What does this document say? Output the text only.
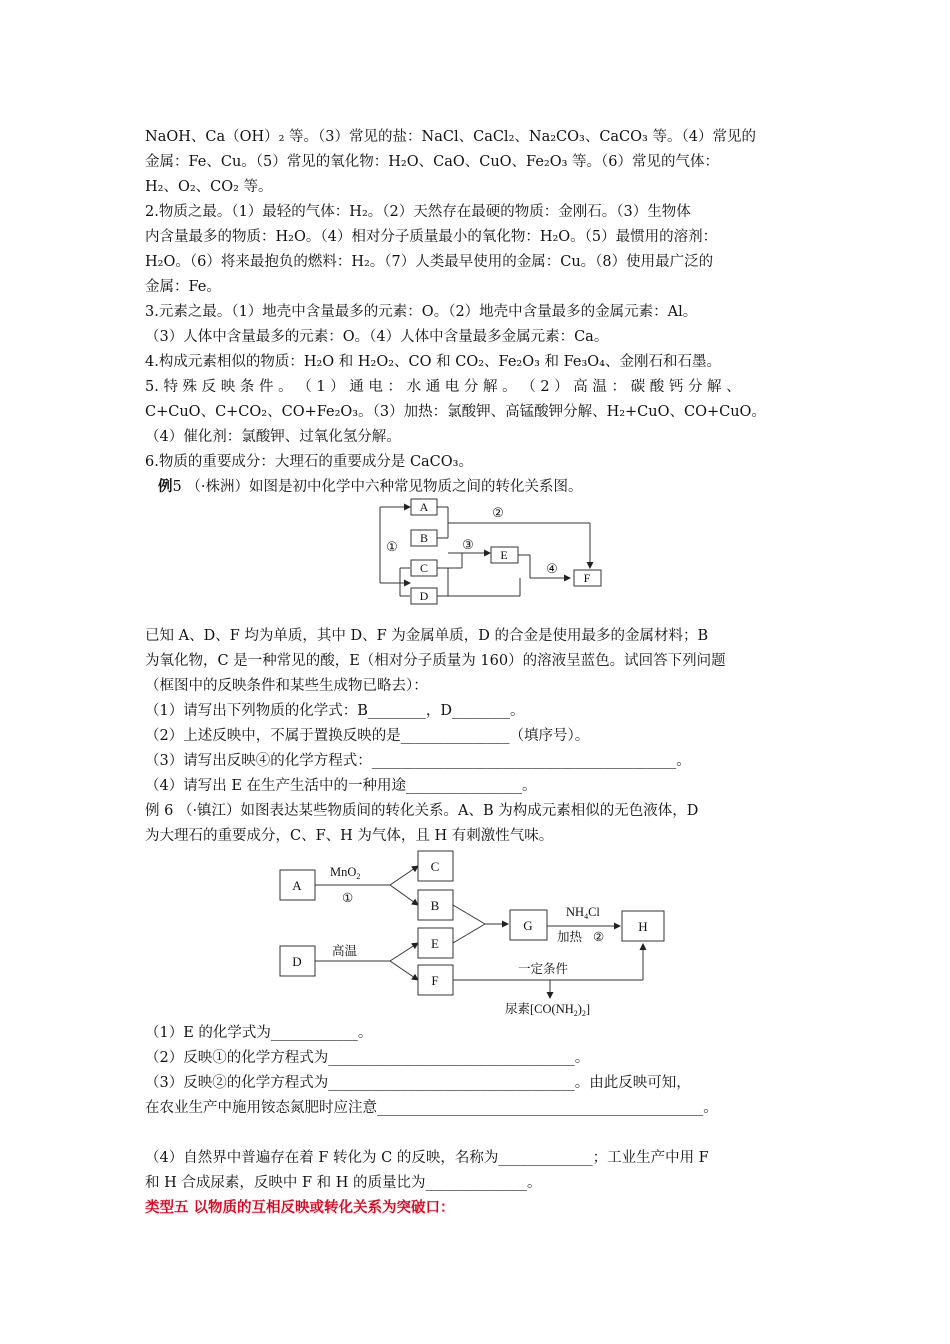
NaOH、Ca（OH）₂ 等。（3）常见的盐：NaCl、CaCl₂、Na₂CO₃、CaCO₃ 等。（4）常见的
金属：Fe、Cu。（5）常见的氧化物：H₂O、CaO、CuO、Fe₂O₃ 等。（6）常见的气体：
H₂、O₂、CO₂ 等。
2.物质之最。（1）最轻的气体：H₂。（2）天然存在最硬的物质：金刚石。（3）生物体
内含量最多的物质：H₂O。（4）相对分子质量最小的氧化物：H₂O。（5）最惯用的溶剂：
H₂O。（6）将来最抱负的燃料：H₂。（7）人类最早使用的金属：Cu。（8）使用最广泛的
金属：Fe。
3.元素之最。（1）地壳中含量最多的元素：O。（2）地壳中含量最多的金属元素：Al。
（3）人体中含量最多的元素：O。（4）人体中含量最多金属元素：Ca。
4.构成元素相似的物质：H₂O 和 H₂O₂、CO 和 CO₂、Fe₂O₃ 和 Fe₃O₄、金刚石和石墨。
5. 特 殊 反 映 条 件 。 （ 1 ） 通 电 ： 水 通 电 分 解 。 （ 2 ） 高 温 ： 碳 酸 钙 分 解 、
C+CuO、C+CO₂、CO+Fe₂O₃。（3）加热：氯酸钾、高锰酸钾分解、H₂+CuO、CO+CuO。
（4）催化剂：氯酸钾、过氧化氢分解。
6.物质的重要成分：大理石的重要成分是 CaCO₃。
例5 （·株洲）如图是初中化学中六种常见物质之间的转化关系图。
A
B
C
D
E
F
①
②
③
④
已知 A、D、F 均为单质，其中 D、F 为金属单质，D 的合金是使用最多的金属材料；B
为氧化物，C 是一种常见的酸，E（相对分子质量为 160）的溶液呈蓝色。试回答下列问题
（框图中的反映条件和某些生成物已略去）：
（1）请写出下列物质的化学式：B________，D________。
（2）上述反映中，不属于置换反映的是_______________（填序号）。
（3）请写出反映④的化学方程式：__________________________________________。
（4）请写出 E 在生产生活中的一种用途________________。
例 6 （·镇江）如图表达某些物质间的转化关系。A、B 为构成元素相似的无色液体，D
为大理石的重要成分，C、F、H 为气体，且 H 有刺激性气味。
A
C
B
D
E
F
G	H
MnO$_2$
①
高温
$NH_4Cl$
加热 ②
一定条件
尿素$[CO(NH_2)_2]$
（1）E 的化学式为____________。
（2）反映①的化学方程式为__________________________________。
（3）反映②的化学方程式为__________________________________。由此反映可知，
在农业生产中施用铵态氮肥时应注意_____________________________________________。
（4）自然界中普遍存在着 F 转化为 C 的反映，名称为_____________；工业生产中用 F
和 H 合成尿素，反映中 F 和 H 的质量比为______________。
类型五 以物质的互相反映或转化关系为突破口：
